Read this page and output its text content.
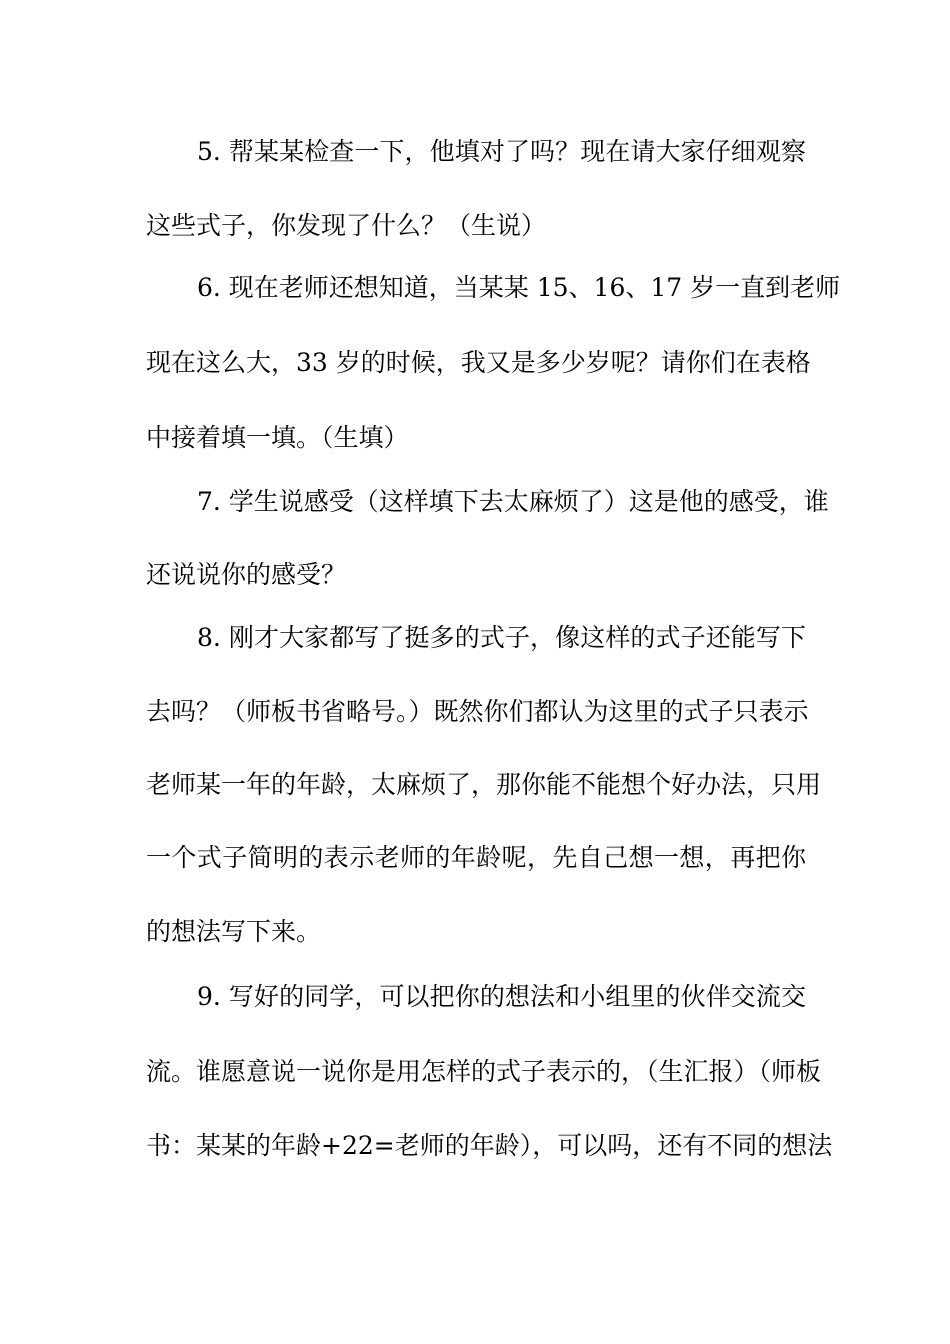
5. 帮某某检查一下，他填对了吗？现在请大家仔细观察
这些式子，你发现了什么？（生说）
6. 现在老师还想知道，当某某 15、16、17 岁一直到老师
现在这么大，33 岁的时候，我又是多少岁呢？请你们在表格
中接着填一填。（生填）
7. 学生说感受（这样填下去太麻烦了）这是他的感受，谁
还说说你的感受？
8. 刚才大家都写了挺多的式子，像这样的式子还能写下
去吗？（师板书省略号。）既然你们都认为这里的式子只表示
老师某一年的年龄，太麻烦了，那你能不能想个好办法，只用
一个式子简明的表示老师的年龄呢，先自己想一想，再把你
的想法写下来。
9. 写好的同学，可以把你的想法和小组里的伙伴交流交
流。谁愿意说一说你是用怎样的式子表示的，（生汇报）（师板
书：某某的年龄+22=老师的年龄），可以吗，还有不同的想法
